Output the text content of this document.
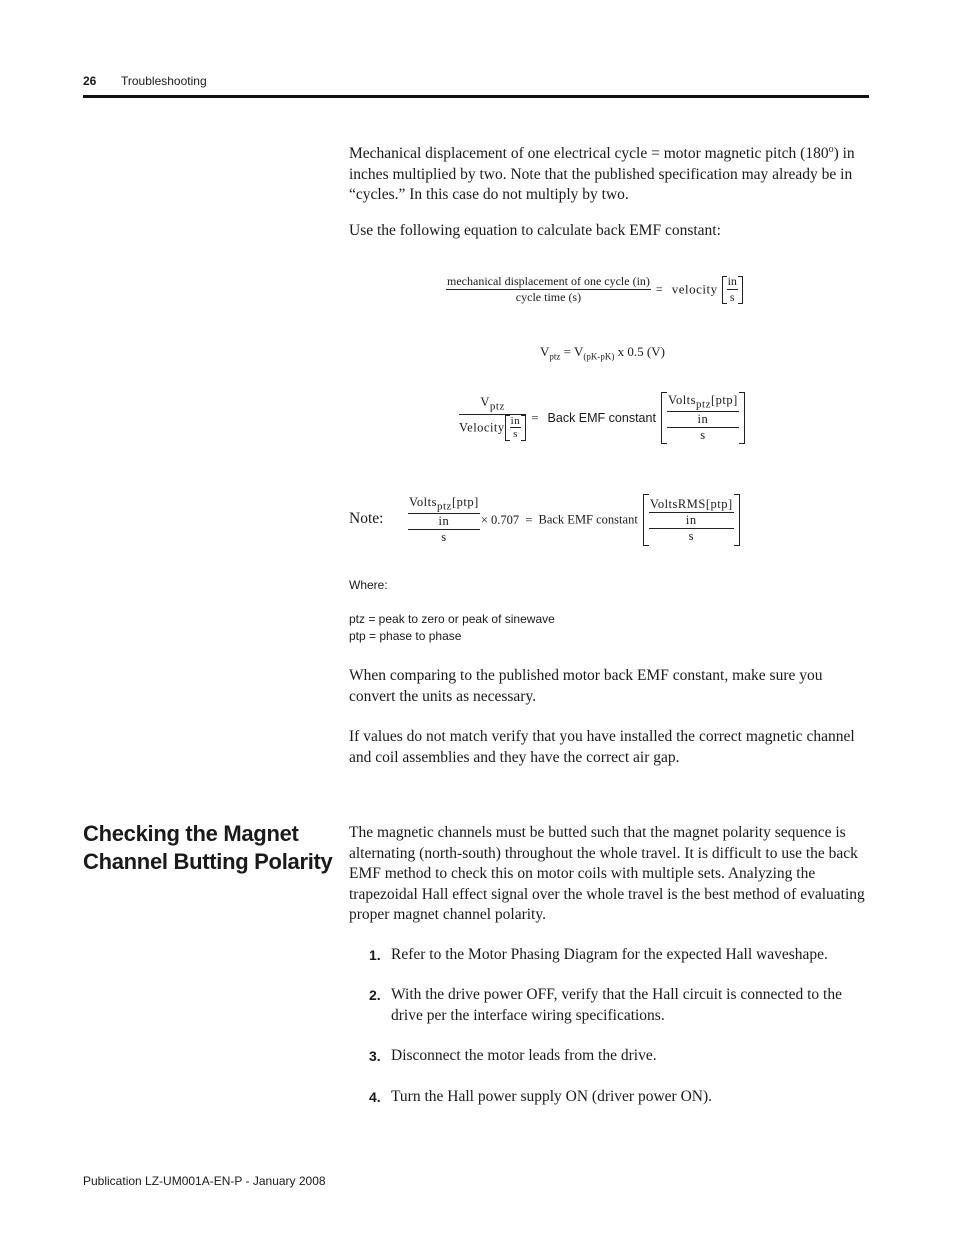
26 Troubleshooting
Mechanical displacement of one electrical cycle = motor magnetic pitch (180$^o$) in inches multiplied by two. Note that the published specification may already be in “cycles.” In this case do not multiply by two.
Use the following equation to calculate back EMF constant:
$\frac{\text{mechanical displacement of one cycle (in)}}{\text{cycle time (s)}}$ = velocity $\frac{in}{s}$
$V_{ptz} = V_{(pK-pK)}$ x 0.5 (V)
$\frac{V_{ptz}}{Velocity \frac{in}{s}}$ = Back EMF constant Volts$_{ptz}$[ptp]
in
s
Note: Volts$_{ptz}$[ptp]
in
s × 0.707 = Back EMF constant VoltsRMS[ptp]
in
s
Where:
ptz = peak to zero or peak of sinewave
ptp = phase to phase
When comparing to the published motor back EMF constant, make sure you convert the units as necessary.
If values do not match verify that you have installed the correct magnetic channel and coil assemblies and they have the correct air gap.
Checking the Magnet
Channel Butting Polarity
The magnetic channels must be butted such that the magnet polarity sequence is alternating (north-south) throughout the whole travel. It is difficult to use the back EMF method to check this on motor coils with multiple sets. Analyzing the trapezoidal Hall effect signal over the whole travel is the best method of evaluating proper magnet channel polarity.
1. Refer to the Motor Phasing Diagram for the expected Hall waveshape.
2. With the drive power OFF, verify that the Hall circuit is connected to the drive per the interface wiring specifications.
3. Disconnect the motor leads from the drive.
4. Turn the Hall power supply ON (driver power ON).
Publication LZ-UM001A-EN-P - January 2008
